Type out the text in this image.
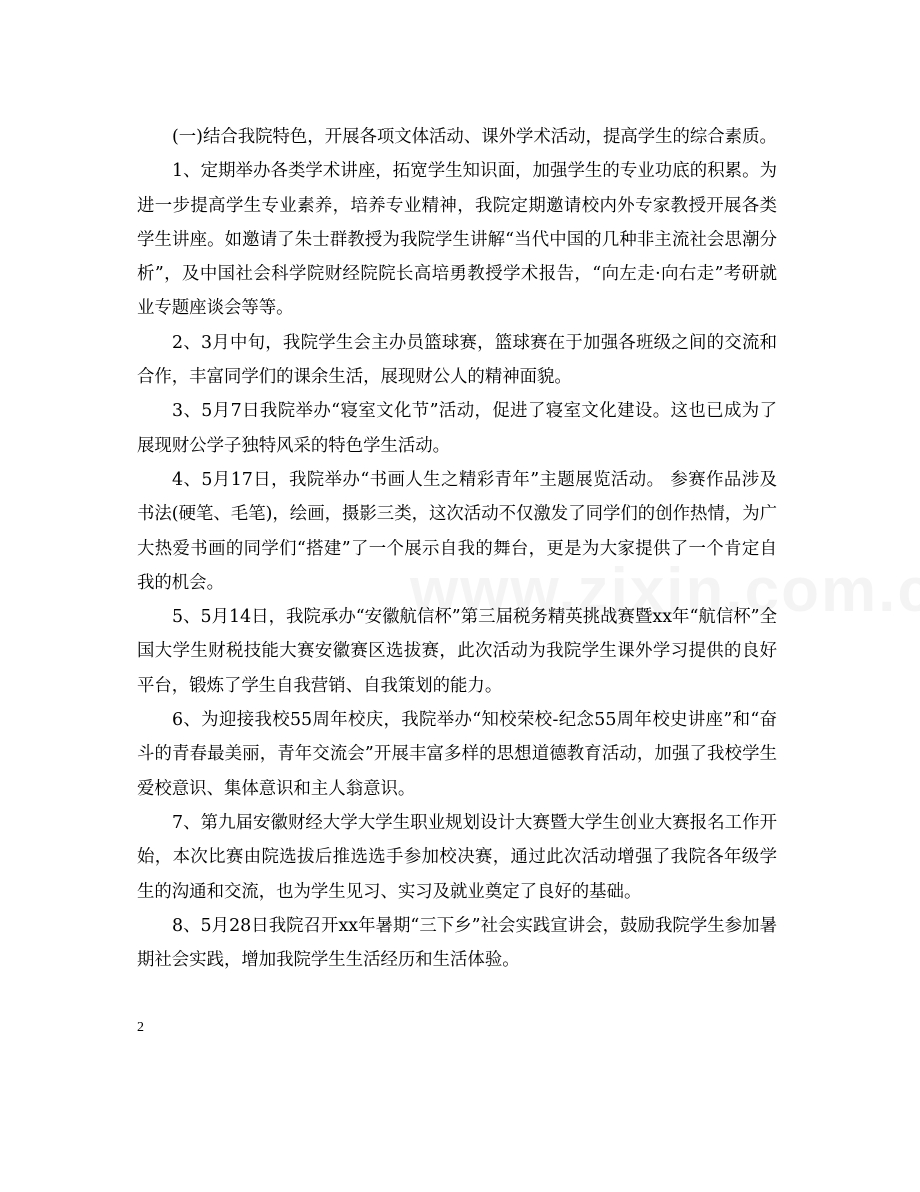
(一)结合我院特色，开展各项文体活动、课外学术活动，提高学生的综合素质。

1、定期举办各类学术讲座，拓宽学生知识面，加强学生的专业功底的积累。为进一步提高学生专业素养，培养专业精神，我院定期邀请校内外专家教授开展各类学生讲座。如邀请了朱士群教授为我院学生讲解“当代中国的几种非主流社会思潮分析”，及中国社会科学院财经院院长高培勇教授学术报告，“向左走·向右走”考研就业专题座谈会等等。

2、3月中旬，我院学生会主办员篮球赛，篮球赛在于加强各班级之间的交流和合作，丰富同学们的课余生活，展现财公人的精神面貌。

3、5月7日我院举办“寝室文化节”活动，促进了寝室文化建设。这也已成为了展现财公学子独特风采的特色学生活动。

4、5月17日，我院举办“书画人生之精彩青年”主题展览活动。 参赛作品涉及书法(硬笔、毛笔)，绘画，摄影三类，这次活动不仅激发了同学们的创作热情，为广大热爱书画的同学们“搭建”了一个展示自我的舞台，更是为大家提供了一个肯定自我的机会。

5、5月14日，我院承办“安徽航信杯”第三届税务精英挑战赛暨xx年“航信杯”全国大学生财税技能大赛安徽赛区选拔赛，此次活动为我院学生课外学习提供的良好平台，锻炼了学生自我营销、自我策划的能力。

6、为迎接我校55周年校庆，我院举办“知校荣校-纪念55周年校史讲座”和“奋斗的青春最美丽，青年交流会”开展丰富多样的思想道德教育活动，加强了我校学生爱校意识、集体意识和主人翁意识。

7、第九届安徽财经大学大学生职业规划设计大赛暨大学生创业大赛报名工作开始，本次比赛由院选拔后推选选手参加校决赛，通过此次活动增强了我院各年级学生的沟通和交流，也为学生见习、实习及就业奠定了良好的基础。

8、5月28日我院召开xx年暑期“三下乡”社会实践宣讲会，鼓励我院学生参加暑期社会实践，增加我院学生生活经历和生活体验。

2
